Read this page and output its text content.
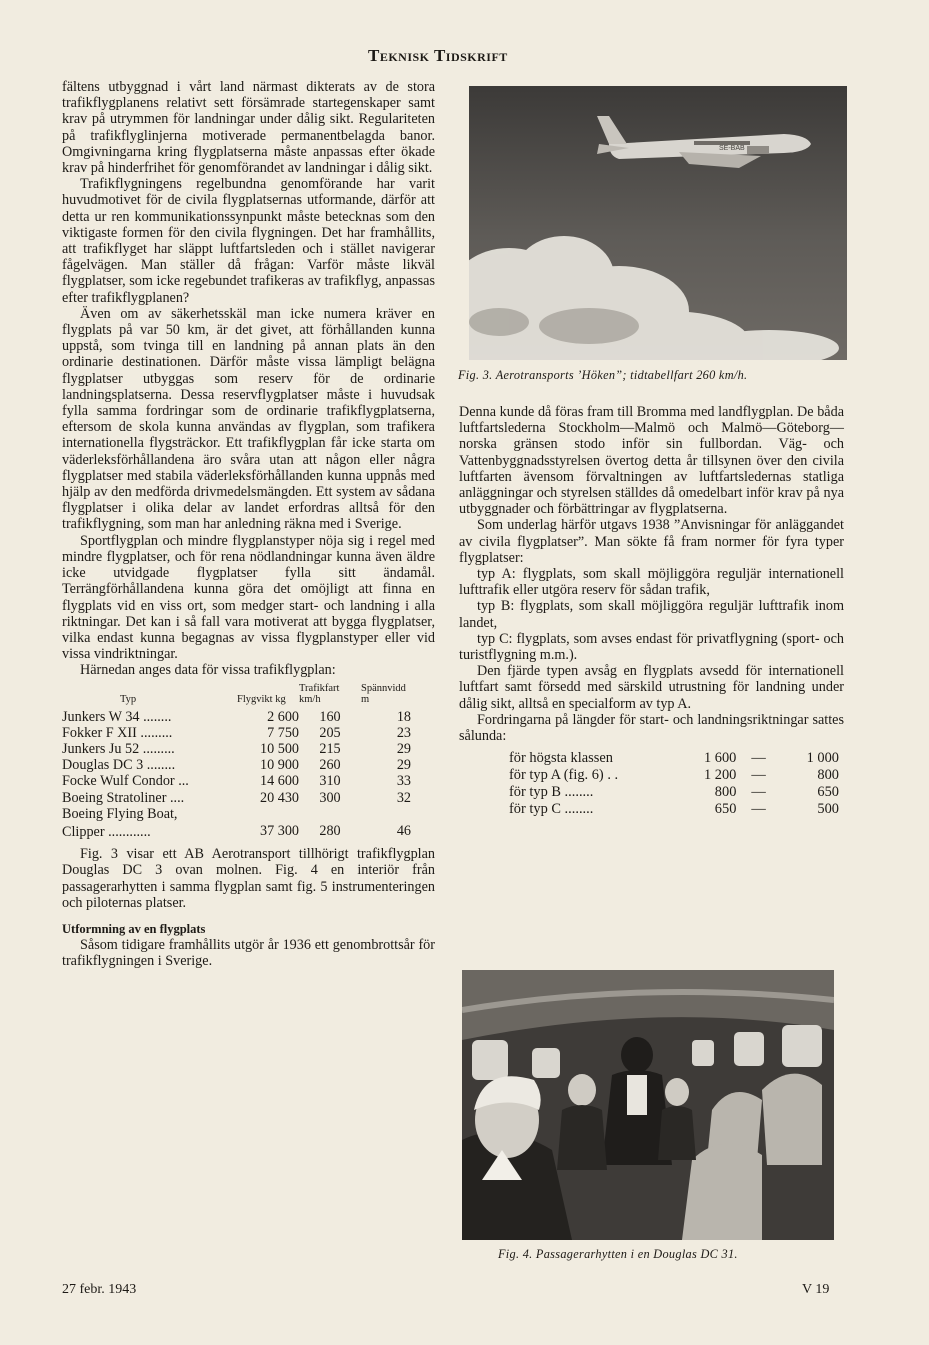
Teknisk Tidskrift

fältens utbyggnad i vårt land närmast dikterats av de stora trafikflygplanens relativt sett försämrade startegenskaper samt krav på utrymmen för landningar under dålig sikt. Regulariteten på trafikflyglinjerna motiverade permanentbelagda banor. Omgivningarna kring flygplatserna måste anpassas efter ökade krav på hinderfrihet för genomförandet av landningar i dålig sikt.

Trafikflygningens regelbundna genomförande har varit huvudmotivet för de civila flygplatsernas utformande, därför att detta ur ren kommunikationssynpunkt måste betecknas som den viktigaste formen för den civila flygningen. Det har framhållits, att trafikflyget har släppt luftfartsleden och i stället navigerar fågelvägen. Man ställer då frågan: Varför måste likväl flygplatser, som icke regebundet trafikeras av trafikflyg, anpassas efter trafikflygplanen?

Även om av säkerhetsskäl man icke numera kräver en flygplats på var 50 km, är det givet, att förhållanden kunna uppstå, som tvinga till en landning på annan plats än den ordinarie destinationen. Därför måste vissa lämpligt belägna flygplatser utbyggas som reserv för de ordinarie landningsplatserna. Dessa reservflygplatser måste i huvudsak fylla samma fordringar som de ordinarie trafikflygplatserna, eftersom de skola kunna användas av flygplan, som trafikera internationella flygsträckor. Ett trafikflygplan får icke starta om väderleksförhållandena äro svåra utan att någon eller några flygplatser med stabila väderleksförhållanden kunna uppnås med hjälp av den medförda drivmedelsmängden. Ett system av sådana flygplatser i olika delar av landet erfordras alltså för den trafikflygning, som man har anledning räkna med i Sverige.

Sportflygplan och mindre flygplanstyper nöja sig i regel med mindre flygplatser, och för rena nödlandningar kunna även äldre icke utvidgade flygplatser fylla sitt ändamål. Terrängförhållandena kunna göra det omöjligt att finna en flygplats vid en viss ort, som medger start- och landning i alla riktningar. Det kan i så fall vara motiverat att bygga flygplatser, vilka endast kunna begagnas av vissa flygplanstyper eller vid vissa vindriktningar.

Härnedan anges data för vissa trafikflygplan:

Typ	Flygvikt kg	Trafikfart km/h	Spännvidd m
Junkers W 34 ........	2 600	160	18
Fokker F XII .........	7 750	205	23
Junkers Ju 52 .........	10 500	215	29
Douglas DC 3 ........	10 900	260	29
Focke Wulf Condor ...	14 600	310	33
Boeing Stratoliner ....	20 430	300	32
Boeing Flying Boat,			
Clipper ............	37 300	280	46

Fig. 3 visar ett AB Aerotransport tillhörigt trafikflygplan Douglas DC 3 ovan molnen. Fig. 4 en interiör från passagerarhytten i samma flygplan samt fig. 5 instrumenteringen och piloternas platser.

Utformning av en flygplats

Såsom tidigare framhållits utgör år 1936 ett genombrottsår för trafikflygningen i Sverige.

SE-BAB
Fig. 3. Aerotransports ’Höken”; tidtabellfart 260 km/h.

Denna kunde då föras fram till Bromma med landflygplan. De båda luftfartslederna Stockholm—Malmö och Malmö—Göteborg—norska gränsen stodo inför sin fullbordan. Väg- och Vattenbyggnadsstyrelsen övertog detta år tillsynen över den civila luftfarten ävensom förvaltningen av luftfartsledernas statliga anläggningar och styrelsen ställdes då omedelbart inför krav på nya utbyggnader och förbättringar av flygplatserna.

Som underlag härför utgavs 1938 ”Anvisningar för anläggandet av civila flygplatser”. Man sökte få fram normer för fyra typer flygplatser:

typ A: flygplats, som skall möjliggöra reguljär internationell lufttrafik eller utgöra reserv för sådan trafik,

typ B: flygplats, som skall möjliggöra reguljär lufttrafik inom landet,

typ C: flygplats, som avses endast för privatflygning (sport- och turistflygning m.m.).

Den fjärde typen avsåg en flygplats avsedd för internationell luftfart samt försedd med särskild utrustning för landning under dålig sikt, alltså en specialform av typ A.

Fordringarna på längder för start- och landningsriktningar sattes sålunda:

för högsta klassen	1 600	—	1 000
för typ A (fig. 6) . .	1 200	—	800
för typ B ........	800	—	650
för typ C ........	650	—	500
Fig. 4. Passagerarhytten i en Douglas DC 31.
27 febr. 1943	V 19
